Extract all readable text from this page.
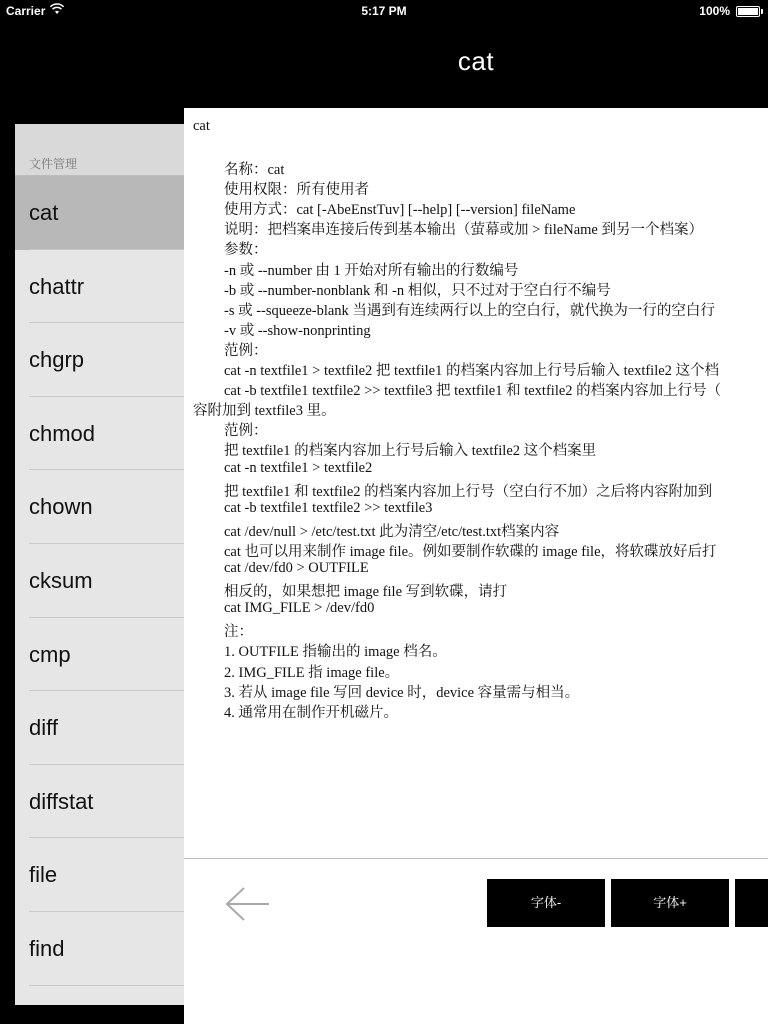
Carrier	5:17 PM	100%
cat
文件管理
cat
chattr
chgrp
chmod
chown
cksum
cmp
diff
diffstat
file
find
cat
名称：cat
使用权限：所有使用者
使用方式：cat [-AbeEnstTuv] [--help] [--version] fileName
说明：把档案串连接后传到基本输出（萤幕或加 > fileName 到另一个档案）
参数：
-n 或 --number 由 1 开始对所有输出的行数编号
-b 或 --number-nonblank 和 -n 相似，只不过对于空白行不编号
-s 或 --squeeze-blank 当遇到有连续两行以上的空白行，就代换为一行的空白行
-v 或 --show-nonprinting
范例：
cat -n textfile1 > textfile2 把 textfile1 的档案内容加上行号后输入 textfile2 这个档
cat -b textfile1 textfile2 >> textfile3 把 textfile1 和 textfile2 的档案内容加上行号（
容附加到 textfile3 里。
范例：
把 textfile1 的档案内容加上行号后输入 textfile2 这个档案里
cat -n textfile1 > textfile2
把 textfile1 和 textfile2 的档案内容加上行号（空白行不加）之后将内容附加到
cat -b textfile1 textfile2 >> textfile3
cat /dev/null > /etc/test.txt 此为清空/etc/test.txt档案内容
cat 也可以用来制作 image file。例如要制作软碟的 image file，将软碟放好后打
cat /dev/fd0 > OUTFILE
相反的，如果想把 image file 写到软碟，请打
cat IMG_FILE > /dev/fd0
注：
1. OUTFILE 指输出的 image 档名。
2. IMG_FILE 指 image file。
3. 若从 image file 写回 device 时，device 容量需与相当。
4. 通常用在制作开机磁片。
字体-	字体+
